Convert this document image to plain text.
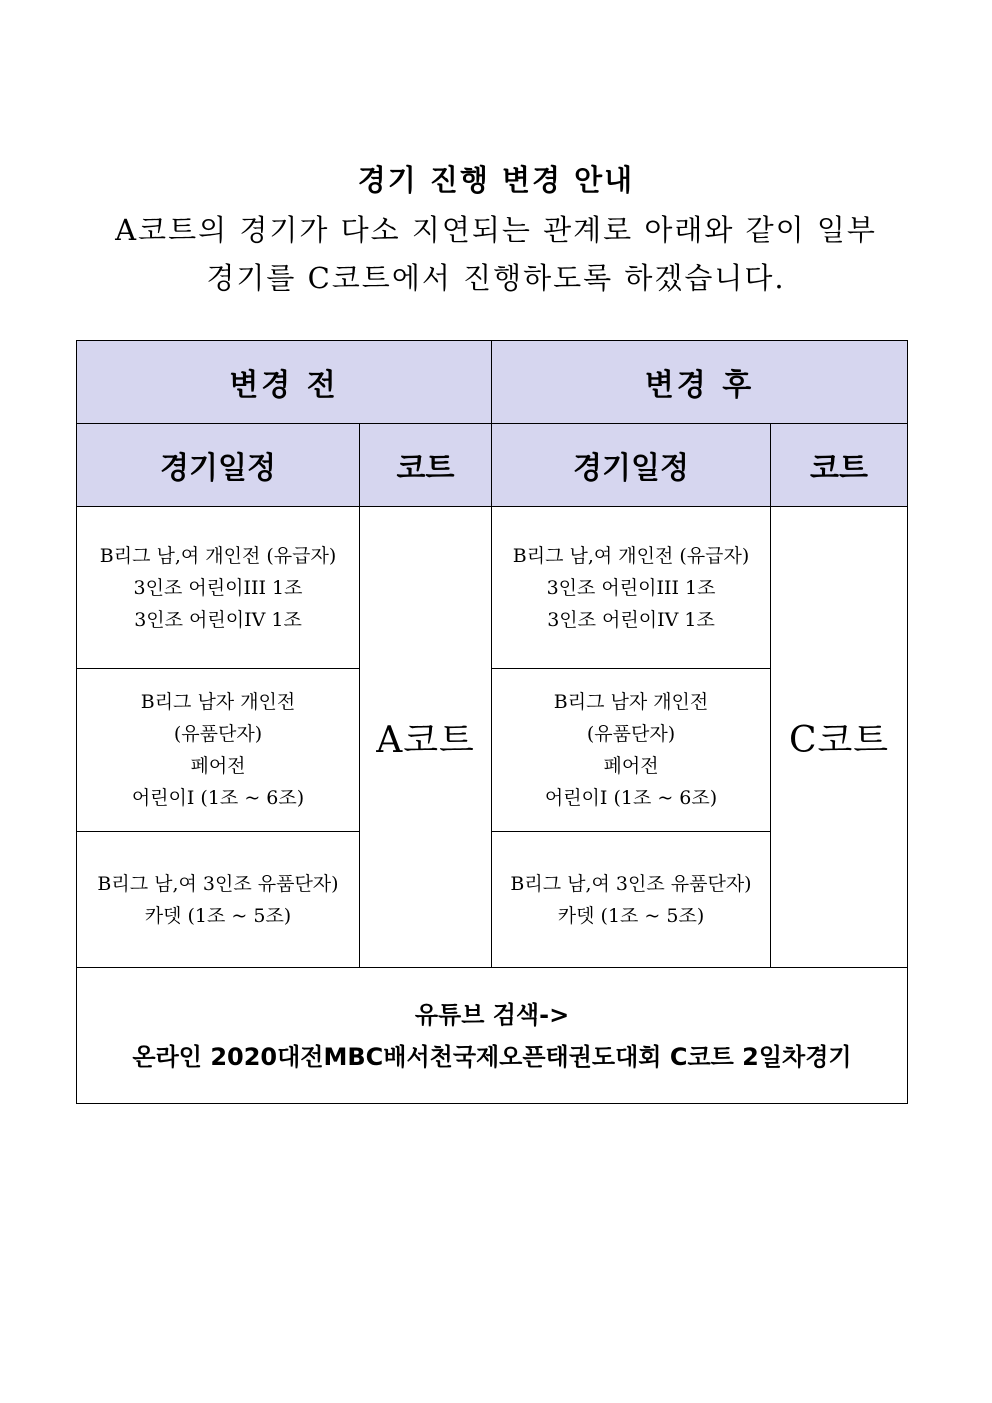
경기 진행 변경 안내
A코트의 경기가 다소 지연되는 관계로 아래와 같이 일부
경기를 C코트에서 진행하도록 하겠습니다.
변경 전		변경 후	
경기일정	코트	경기일정	코트

B리그 남,여 개인전 (유급자)
3인조 어린이III 1조
3인조 어린이IV 1조	A코트	B리그 남,여 개인전 (유급자)
3인조 어린이III 1조
3인조 어린이IV 1조	C코트

B리그 남자 개인전
(유품단자)
페어전
어린이I (1조 ~ 6조)		B리그 남자 개인전
(유품단자)
페어전
어린이I (1조 ~ 6조)	

B리그 남,여 3인조 유품단자)
카뎃 (1조 ~ 5조)		B리그 남,여 3인조 유품단자)
카뎃 (1조 ~ 5조)	

유튜브 검색->
온라인 2020대전MBC배서천국제오픈태권도대회 C코트 2일차경기			
